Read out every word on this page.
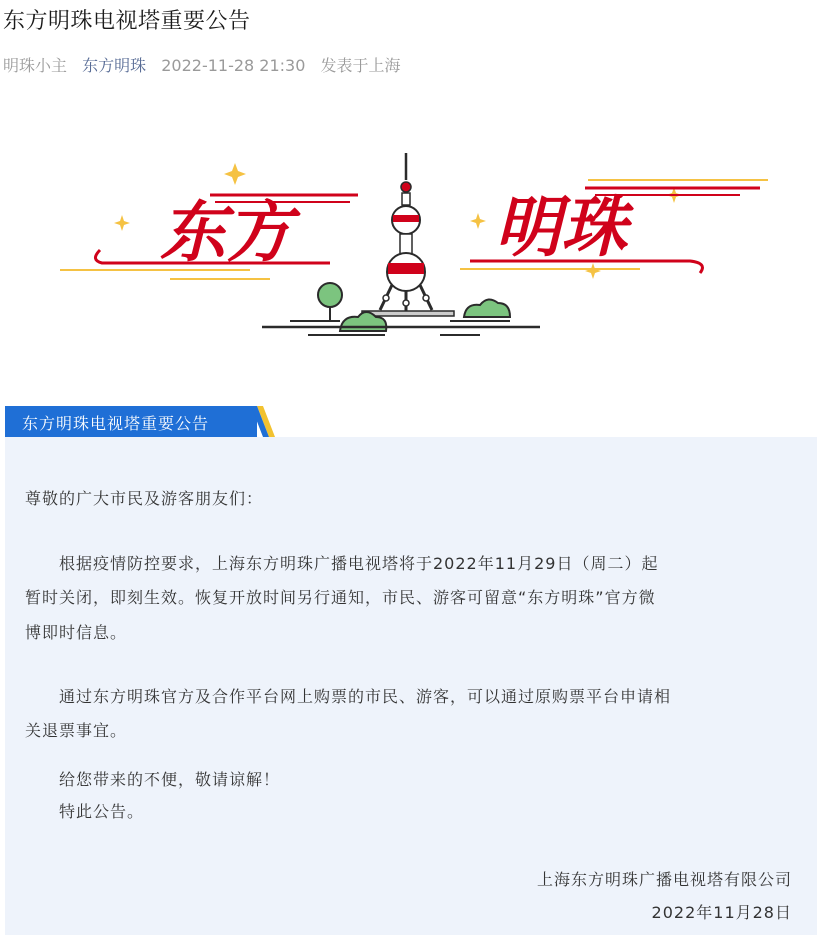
东方明珠电视塔重要公告
明珠小主 东方明珠 2022-11-28 21:30 发表于上海
东方	明珠
东方明珠电视塔重要公告
尊敬的广大市民及游客朋友们：
根据疫情防控要求，上海东方明珠广播电视塔将于2022年11月29日（周二）起
暂时关闭，即刻生效。恢复开放时间另行通知，市民、游客可留意“东方明珠”官方微
博即时信息。
通过东方明珠官方及合作平台网上购票的市民、游客，可以通过原购票平台申请相
关退票事宜。
给您带来的不便，敬请谅解！
特此公告。
上海东方明珠广播电视塔有限公司
2022年11月28日
